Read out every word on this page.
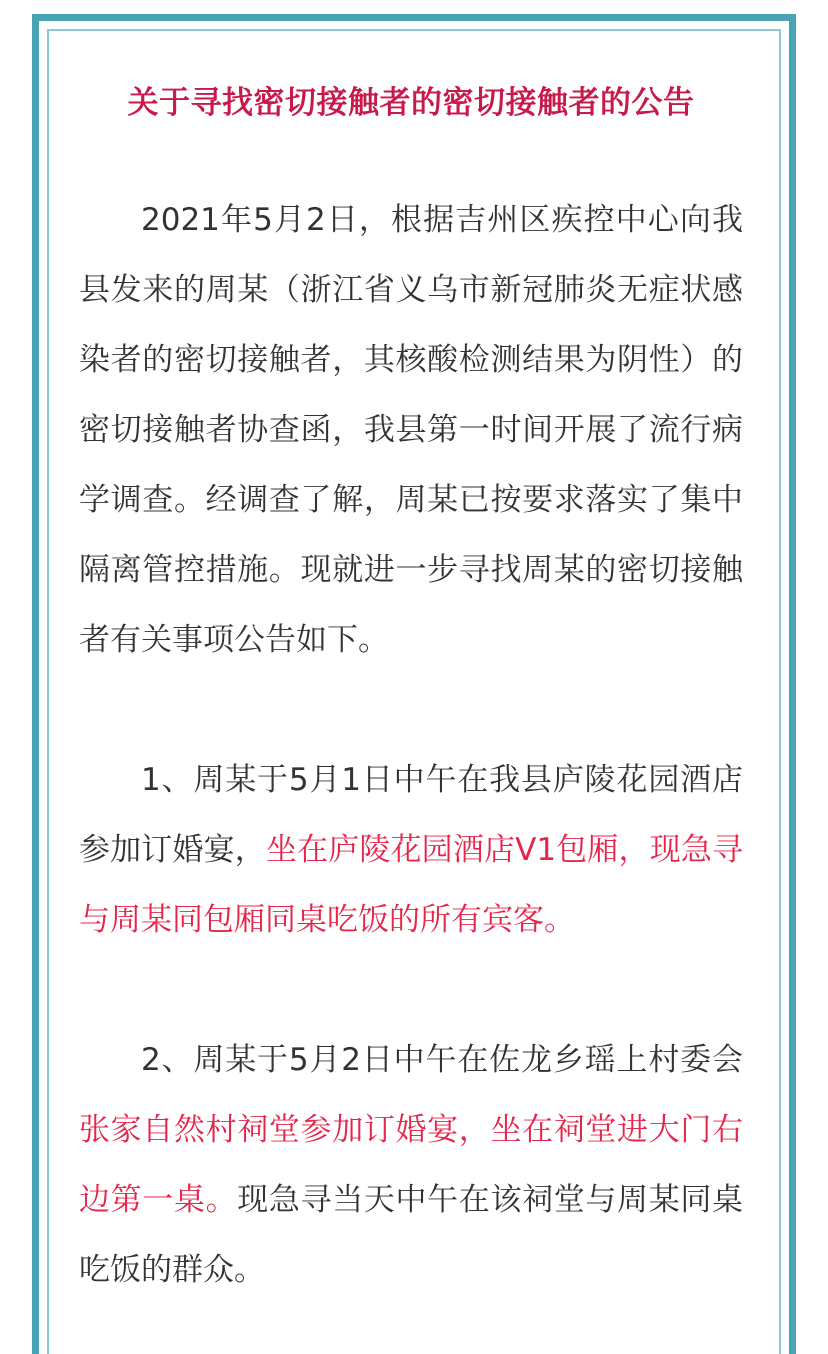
关于寻找密切接触者的密切接触者的公告

2021年5月2日，根据吉州区疾控中心向我县发来的周某（浙江省义乌市新冠肺炎无症状感染者的密切接触者，其核酸检测结果为阴性）的密切接触者协查函，我县第一时间开展了流行病学调查。经调查了解，周某已按要求落实了集中隔离管控措施。现就进一步寻找周某的密切接触者有关事项公告如下。

1、周某于5月1日中午在我县庐陵花园酒店参加订婚宴，坐在庐陵花园酒店V1包厢，现急寻与周某同包厢同桌吃饭的所有宾客。

2、周某于5月2日中午在佐龙乡瑶上村委会张家自然村祠堂参加订婚宴，坐在祠堂进大门右边第一桌。现急寻当天中午在该祠堂与周某同桌吃饭的群众。
